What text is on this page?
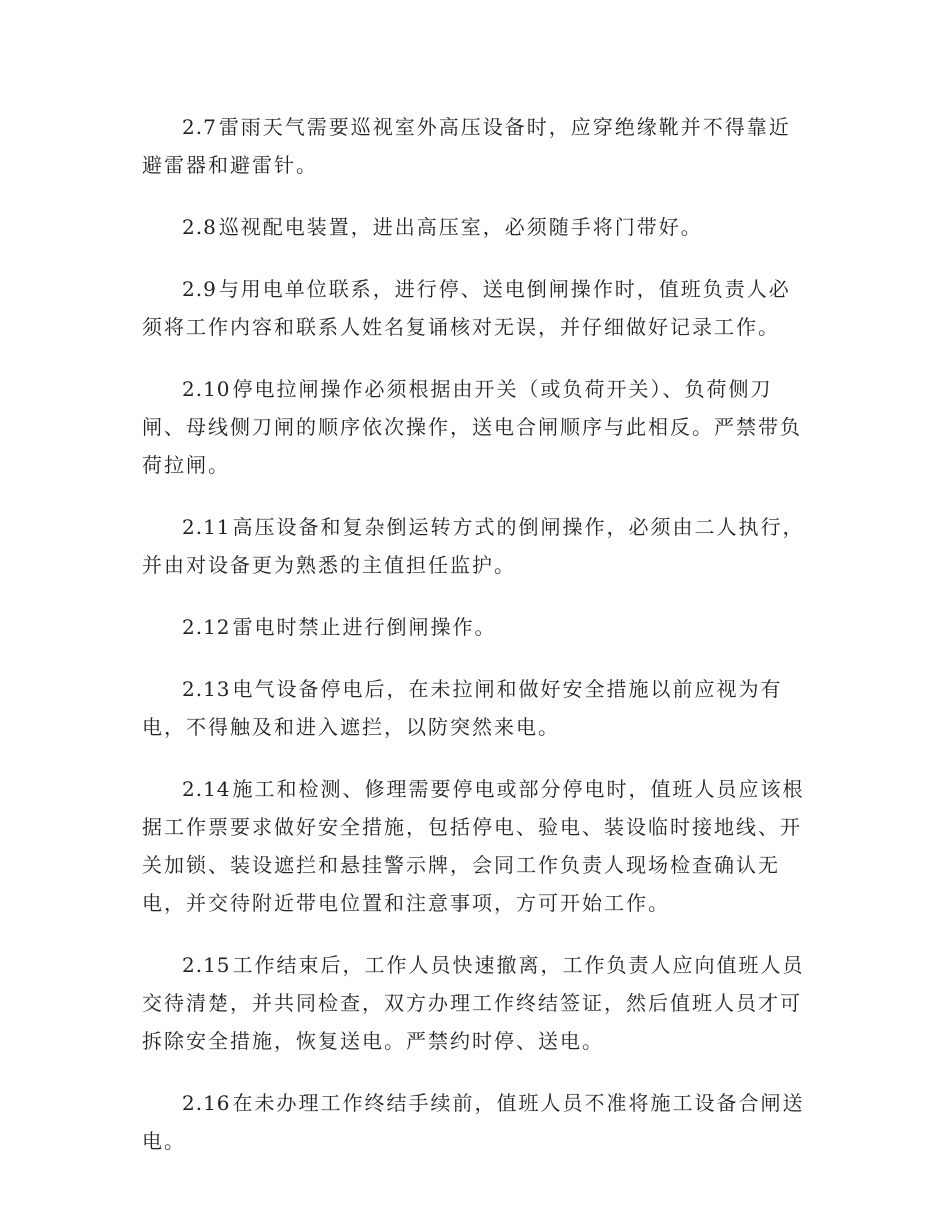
2.7 雷雨天气需要巡视室外高压设备时，应穿绝缘靴并不得靠近避雷器和避雷针。

2.8 巡视配电装置，进出高压室，必须随手将门带好。

2.9 与用电单位联系，进行停、送电倒闸操作时，值班负责人必须将工作内容和联系人姓名复诵核对无误，并仔细做好记录工作。

2.10 停电拉闸操作必须根据由开关（或负荷开关）、负荷侧刀闸、母线侧刀闸的顺序依次操作，送电合闸顺序与此相反。严禁带负荷拉闸。

2.11 高压设备和复杂倒运转方式的倒闸操作，必须由二人执行，并由对设备更为熟悉的主值担任监护。

2.12 雷电时禁止进行倒闸操作。

2.13 电气设备停电后，在未拉闸和做好安全措施以前应视为有电，不得触及和进入遮拦，以防突然来电。

2.14 施工和检测、修理需要停电或部分停电时，值班人员应该根据工作票要求做好安全措施，包括停电、验电、装设临时接地线、开关加锁、装设遮拦和悬挂警示牌，会同工作负责人现场检查确认无电，并交待附近带电位置和注意事项，方可开始工作。

2.15 工作结束后，工作人员快速撤离，工作负责人应向值班人员交待清楚，并共同检查，双方办理工作终结签证，然后值班人员才可拆除安全措施，恢复送电。严禁约时停、送电。

2.16 在未办理工作终结手续前，值班人员不准将施工设备合闸送电。
